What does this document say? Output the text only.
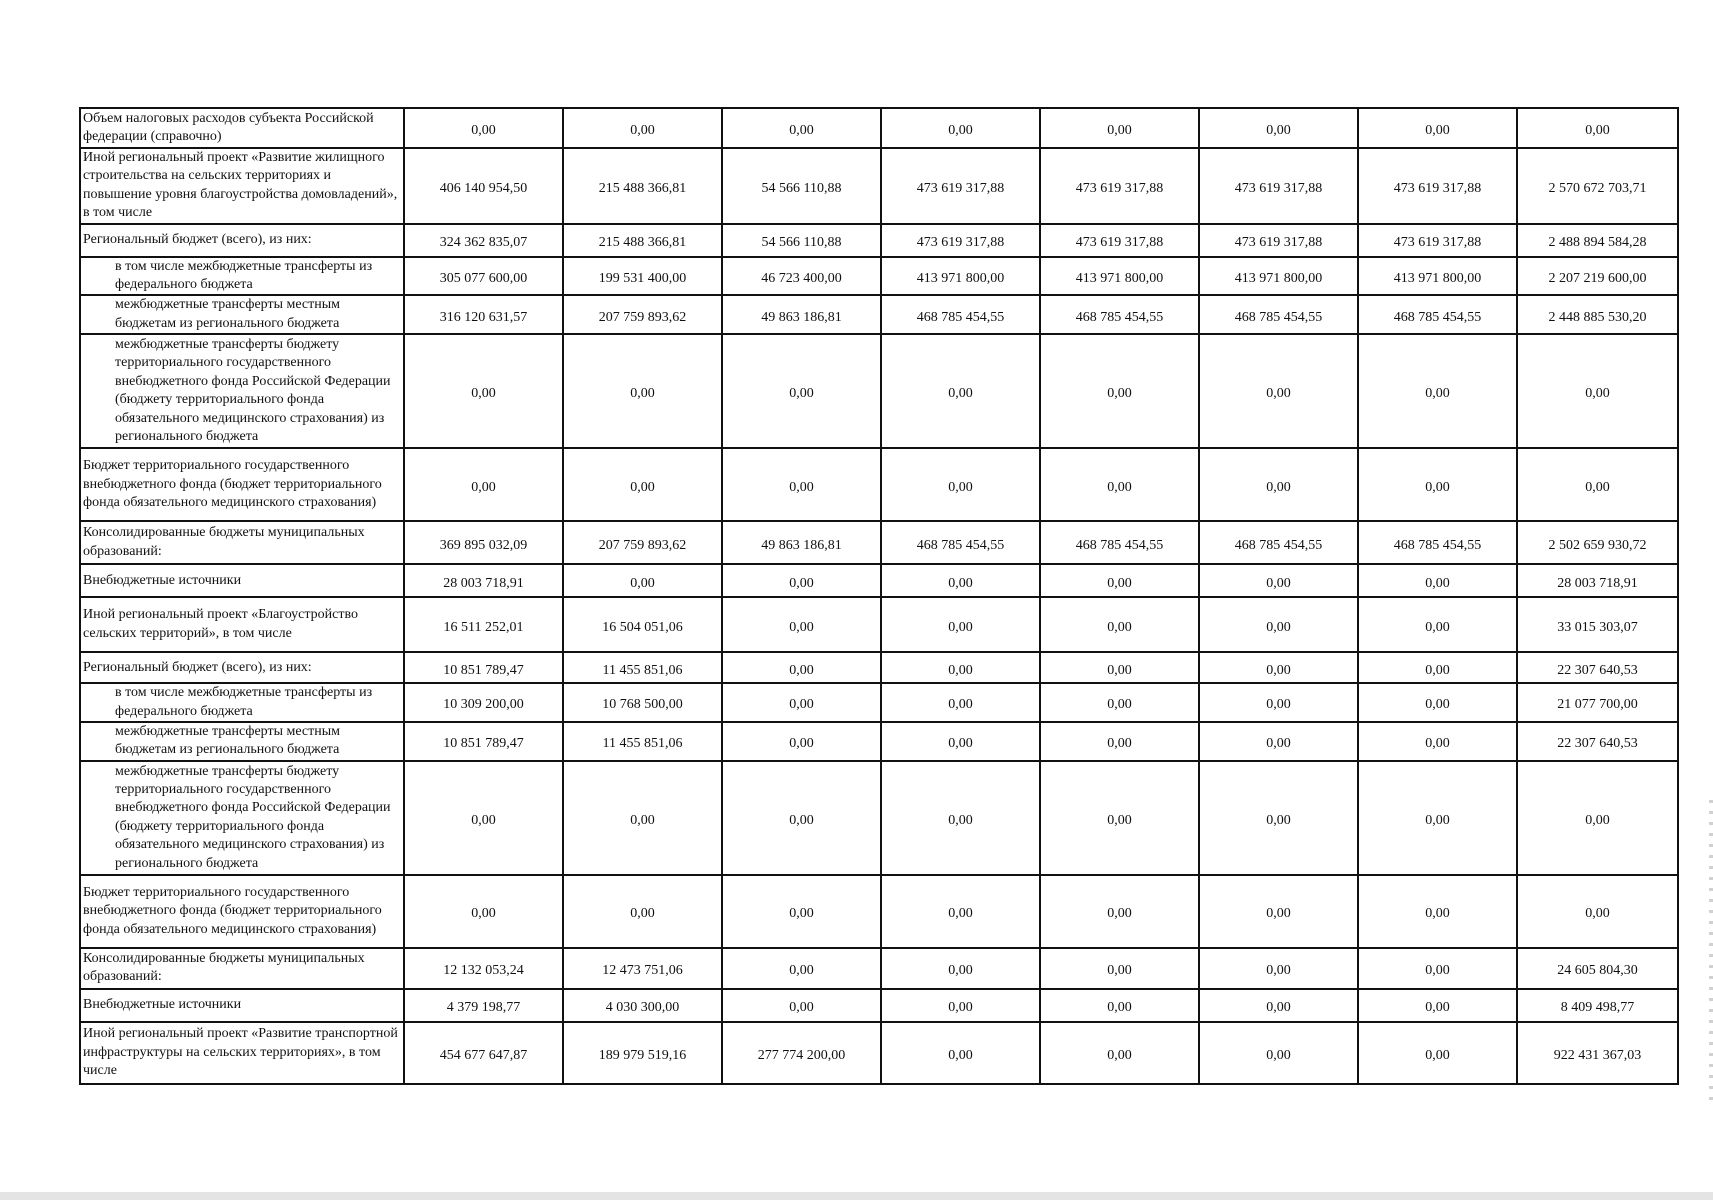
Объем налоговых расходов субъекта Российской федерации (справочно)	0,00	0,00	0,00	0,00	0,00	0,00	0,00	0,00
Иной региональный проект «Развитие жилищного строительства на сельских территориях и повышение уровня благоустройства домовладений», в том числе	406 140 954,50	215 488 366,81	54 566 110,88	473 619 317,88	473 619 317,88	473 619 317,88	473 619 317,88	2 570 672 703,71
Региональный бюджет (всего), из них:	324 362 835,07	215 488 366,81	54 566 110,88	473 619 317,88	473 619 317,88	473 619 317,88	473 619 317,88	2 488 894 584,28
в том числе межбюджетные трансферты из федерального бюджета	305 077 600,00	199 531 400,00	46 723 400,00	413 971 800,00	413 971 800,00	413 971 800,00	413 971 800,00	2 207 219 600,00
межбюджетные трансферты местным бюджетам из регионального бюджета	316 120 631,57	207 759 893,62	49 863 186,81	468 785 454,55	468 785 454,55	468 785 454,55	468 785 454,55	2 448 885 530,20
межбюджетные трансферты бюджету территориального государственного внебюджетного фонда Российской Федерации (бюджету территориального фонда обязательного медицинского страхования) из регионального бюджета	0,00	0,00	0,00	0,00	0,00	0,00	0,00	0,00
Бюджет территориального государственного внебюджетного фонда (бюджет территориального фонда обязательного медицинского страхования)	0,00	0,00	0,00	0,00	0,00	0,00	0,00	0,00
Консолидированные бюджеты муниципальных образований:	369 895 032,09	207 759 893,62	49 863 186,81	468 785 454,55	468 785 454,55	468 785 454,55	468 785 454,55	2 502 659 930,72
Внебюджетные источники	28 003 718,91	0,00	0,00	0,00	0,00	0,00	0,00	28 003 718,91
Иной региональный проект «Благоустройство сельских территорий», в том числе	16 511 252,01	16 504 051,06	0,00	0,00	0,00	0,00	0,00	33 015 303,07
Региональный бюджет (всего), из них:	10 851 789,47	11 455 851,06	0,00	0,00	0,00	0,00	0,00	22 307 640,53
в том числе межбюджетные трансферты из федерального бюджета	10 309 200,00	10 768 500,00	0,00	0,00	0,00	0,00	0,00	21 077 700,00
межбюджетные трансферты местным бюджетам из регионального бюджета	10 851 789,47	11 455 851,06	0,00	0,00	0,00	0,00	0,00	22 307 640,53
межбюджетные трансферты бюджету территориального государственного внебюджетного фонда Российской Федерации (бюджету территориального фонда обязательного медицинского страхования) из регионального бюджета	0,00	0,00	0,00	0,00	0,00	0,00	0,00	0,00
Бюджет территориального государственного внебюджетного фонда (бюджет территориального фонда обязательного медицинского страхования)	0,00	0,00	0,00	0,00	0,00	0,00	0,00	0,00
Консолидированные бюджеты муниципальных образований:	12 132 053,24	12 473 751,06	0,00	0,00	0,00	0,00	0,00	24 605 804,30
Внебюджетные источники	4 379 198,77	4 030 300,00	0,00	0,00	0,00	0,00	0,00	8 409 498,77
Иной региональный проект «Развитие транспортной инфраструктуры на сельских территориях», в том числе	454 677 647,87	189 979 519,16	277 774 200,00	0,00	0,00	0,00	0,00	922 431 367,03
